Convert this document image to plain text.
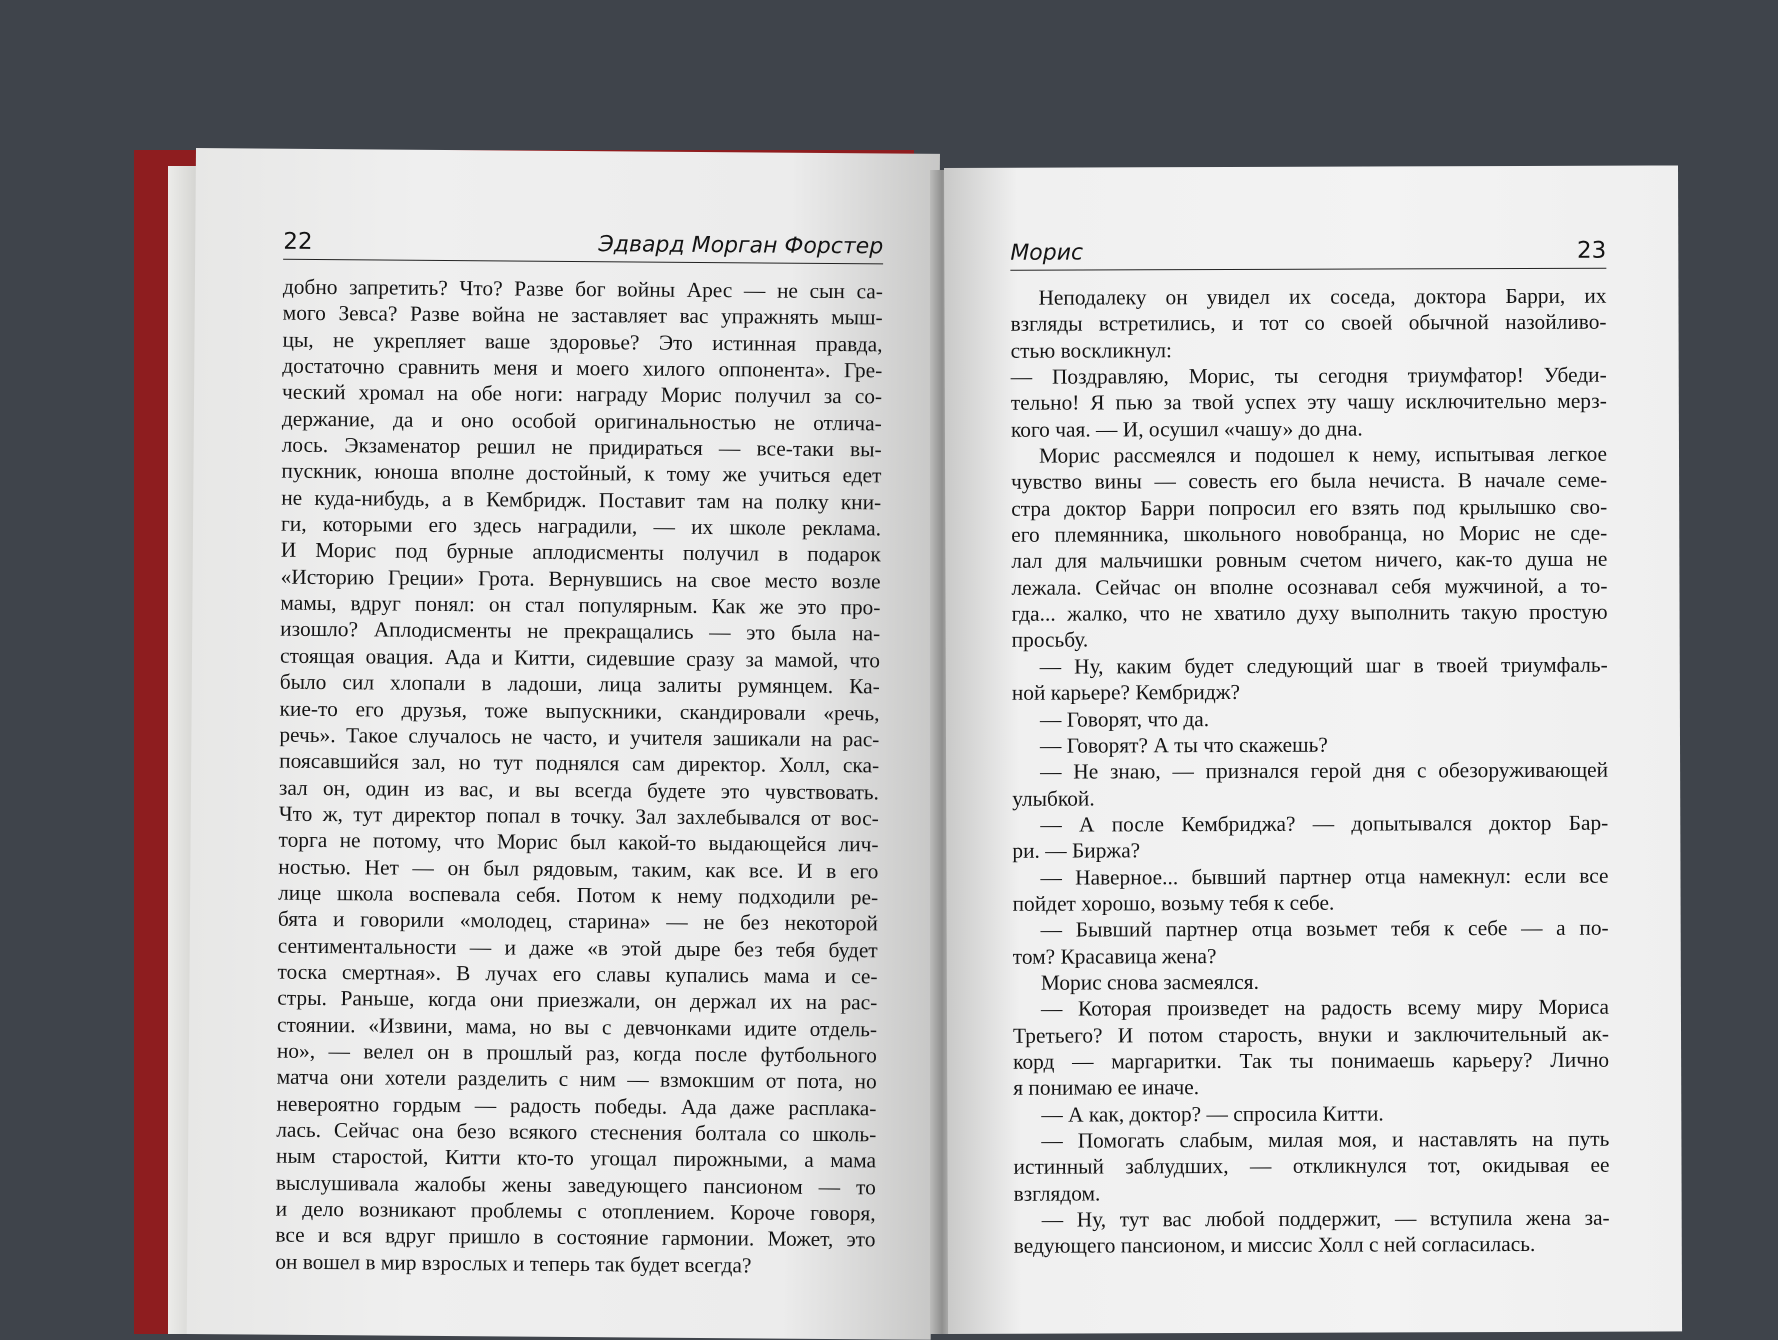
22	Эдвард Морган Форстер
добно запретить? Что? Разве бог войны Арес — не сын са-
мого Зевса? Разве война не заставляет вас упражнять мыш-
цы, не укрепляет ваше здоровье? Это истинная правда,
достаточно сравнить меня и моего хилого оппонента». Гре-
ческий хромал на обе ноги: награду Морис получил за со-
держание, да и оно особой оригинальностью не отлича-
лось. Экзаменатор решил не придираться — все-таки вы-
пускник, юноша вполне достойный, к тому же учиться едет
не куда-нибудь, а в Кембридж. Поставит там на полку кни-
ги, которыми его здесь наградили, — их школе реклама.
И Морис под бурные аплодисменты получил в подарок
«Историю Греции» Грота. Вернувшись на свое место возле
мамы, вдруг понял: он стал популярным. Как же это про-
изошло? Аплодисменты не прекращались — это была на-
стоящая овация. Ада и Китти, сидевшие сразу за мамой, что
было сил хлопали в ладоши, лица залиты румянцем. Ка-
кие-то его друзья, тоже выпускники, скандировали «речь,
речь». Такое случалось не часто, и учителя зашикали на рас-
поясавшийся зал, но тут поднялся сам директор. Холл, ска-
зал он, один из вас, и вы всегда будете это чувствовать.
Что ж, тут директор попал в точку. Зал захлебывался от вос-
торга не потому, что Морис был какой-то выдающейся лич-
ностью. Нет — он был рядовым, таким, как все. И в его
лице школа воспевала себя. Потом к нему подходили ре-
бята и говорили «молодец, старина» — не без некоторой
сентиментальности — и даже «в этой дыре без тебя будет
тоска смертная». В лучах его славы купались мама и се-
стры. Раньше, когда они приезжали, он держал их на рас-
стоянии. «Извини, мама, но вы с девчонками идите отдель-
но», — велел он в прошлый раз, когда после футбольного
матча они хотели разделить с ним — взмокшим от пота, но
невероятно гордым — радость победы. Ада даже расплака-
лась. Сейчас она безо всякого стеснения болтала со школь-
ным старостой, Китти кто-то угощал пирожными, а мама
выслушивала жалобы жены заведующего пансионом — то
и дело возникают проблемы с отоплением. Короче говоря,
все и вся вдруг пришло в состояние гармонии. Может, это
он вошел в мир взрослых и теперь так будет всегда?
Морис	23
Неподалеку он увидел их соседа, доктора Барри, их
взгляды встретились, и тот со своей обычной назойливо-
стью воскликнул:
— Поздравляю, Морис, ты сегодня триумфатор! Убеди-
тельно! Я пью за твой успех эту чашу исключительно мерз-
кого чая. — И, осушил «чашу» до дна.
Морис рассмеялся и подошел к нему, испытывая легкое
чувство вины — совесть его была нечиста. В начале семе-
стра доктор Барри попросил его взять под крылышко сво-
его племянника, школьного новобранца, но Морис не сде-
лал для мальчишки ровным счетом ничего, как-то душа не
лежала. Сейчас он вполне осознавал себя мужчиной, а то-
гда... жалко, что не хватило духу выполнить такую простую
просьбу.
— Ну, каким будет следующий шаг в твоей триумфаль-
ной карьере? Кембридж?
— Говорят, что да.
— Говорят? А ты что скажешь?
— Не знаю, — признался герой дня с обезоруживающей
улыбкой.
— А после Кембриджа? — допытывался доктор Бар-
ри. — Биржа?
— Наверное... бывший партнер отца намекнул: если все
пойдет хорошо, возьму тебя к себе.
— Бывший партнер отца возьмет тебя к себе — а по-
том? Красавица жена?
Морис снова засмеялся.
— Которая произведет на радость всему миру Мориса
Третьего? И потом старость, внуки и заключительный ак-
корд — маргаритки. Так ты понимаешь карьеру? Лично
я понимаю ее иначе.
— А как, доктор? — спросила Китти.
— Помогать слабым, милая моя, и наставлять на путь
истинный заблудших, — откликнулся тот, окидывая ее
взглядом.
— Ну, тут вас любой поддержит, — вступила жена за-
ведующего пансионом, и миссис Холл с ней согласилась.
